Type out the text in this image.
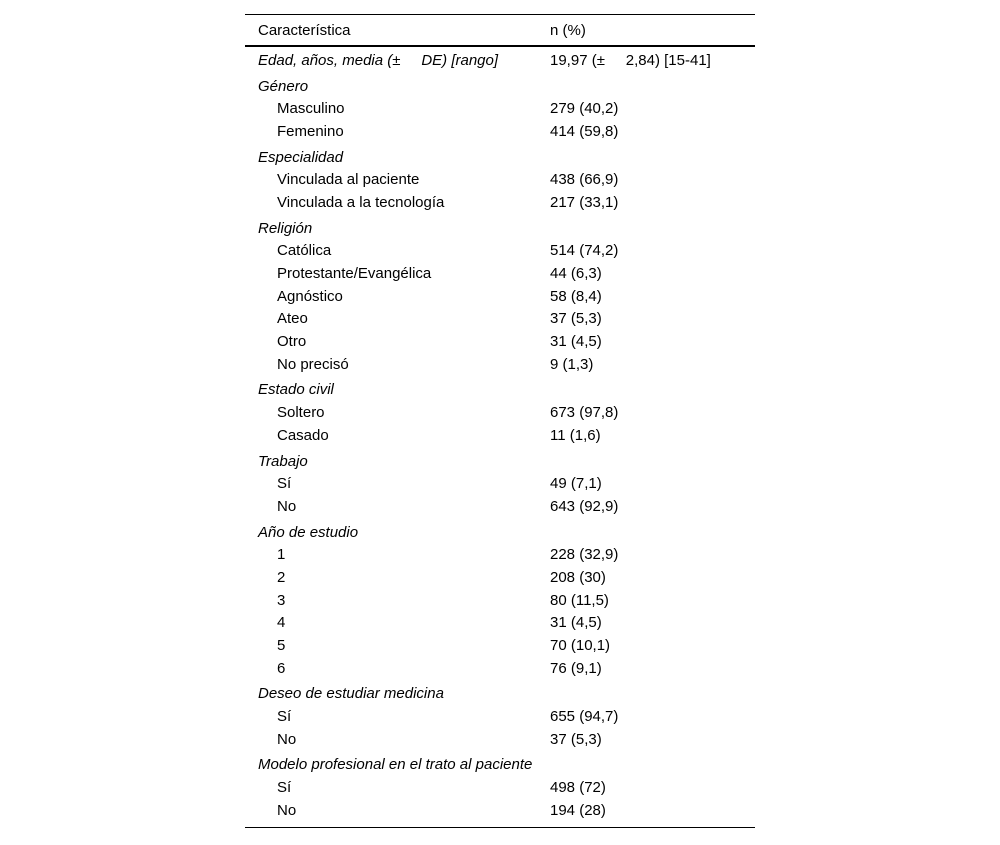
Característica	n (%)
Edad, años, media (±     DE) [rango]	19,97 (±     2,84) [15-41]
Género
Masculino	279 (40,2)
Femenino	414 (59,8)
Especialidad
Vinculada al paciente	438 (66,9)
Vinculada a la tecnología	217 (33,1)
Religión
Católica	514 (74,2)
Protestante/Evangélica	44 (6,3)
Agnóstico	58 (8,4)
Ateo	37 (5,3)
Otro	31 (4,5)
No precisó	9 (1,3)
Estado civil
Soltero	673 (97,8)
Casado	11 (1,6)
Trabajo
Sí	49 (7,1)
No	643 (92,9)
Año de estudio
1	228 (32,9)
2	208 (30)
3	80 (11,5)
4	31 (4,5)
5	70 (10,1)
6	76 (9,1)
Deseo de estudiar medicina
Sí	655 (94,7)
No	37 (5,3)
Modelo profesional en el trato al paciente
Sí	498 (72)
No	194 (28)
